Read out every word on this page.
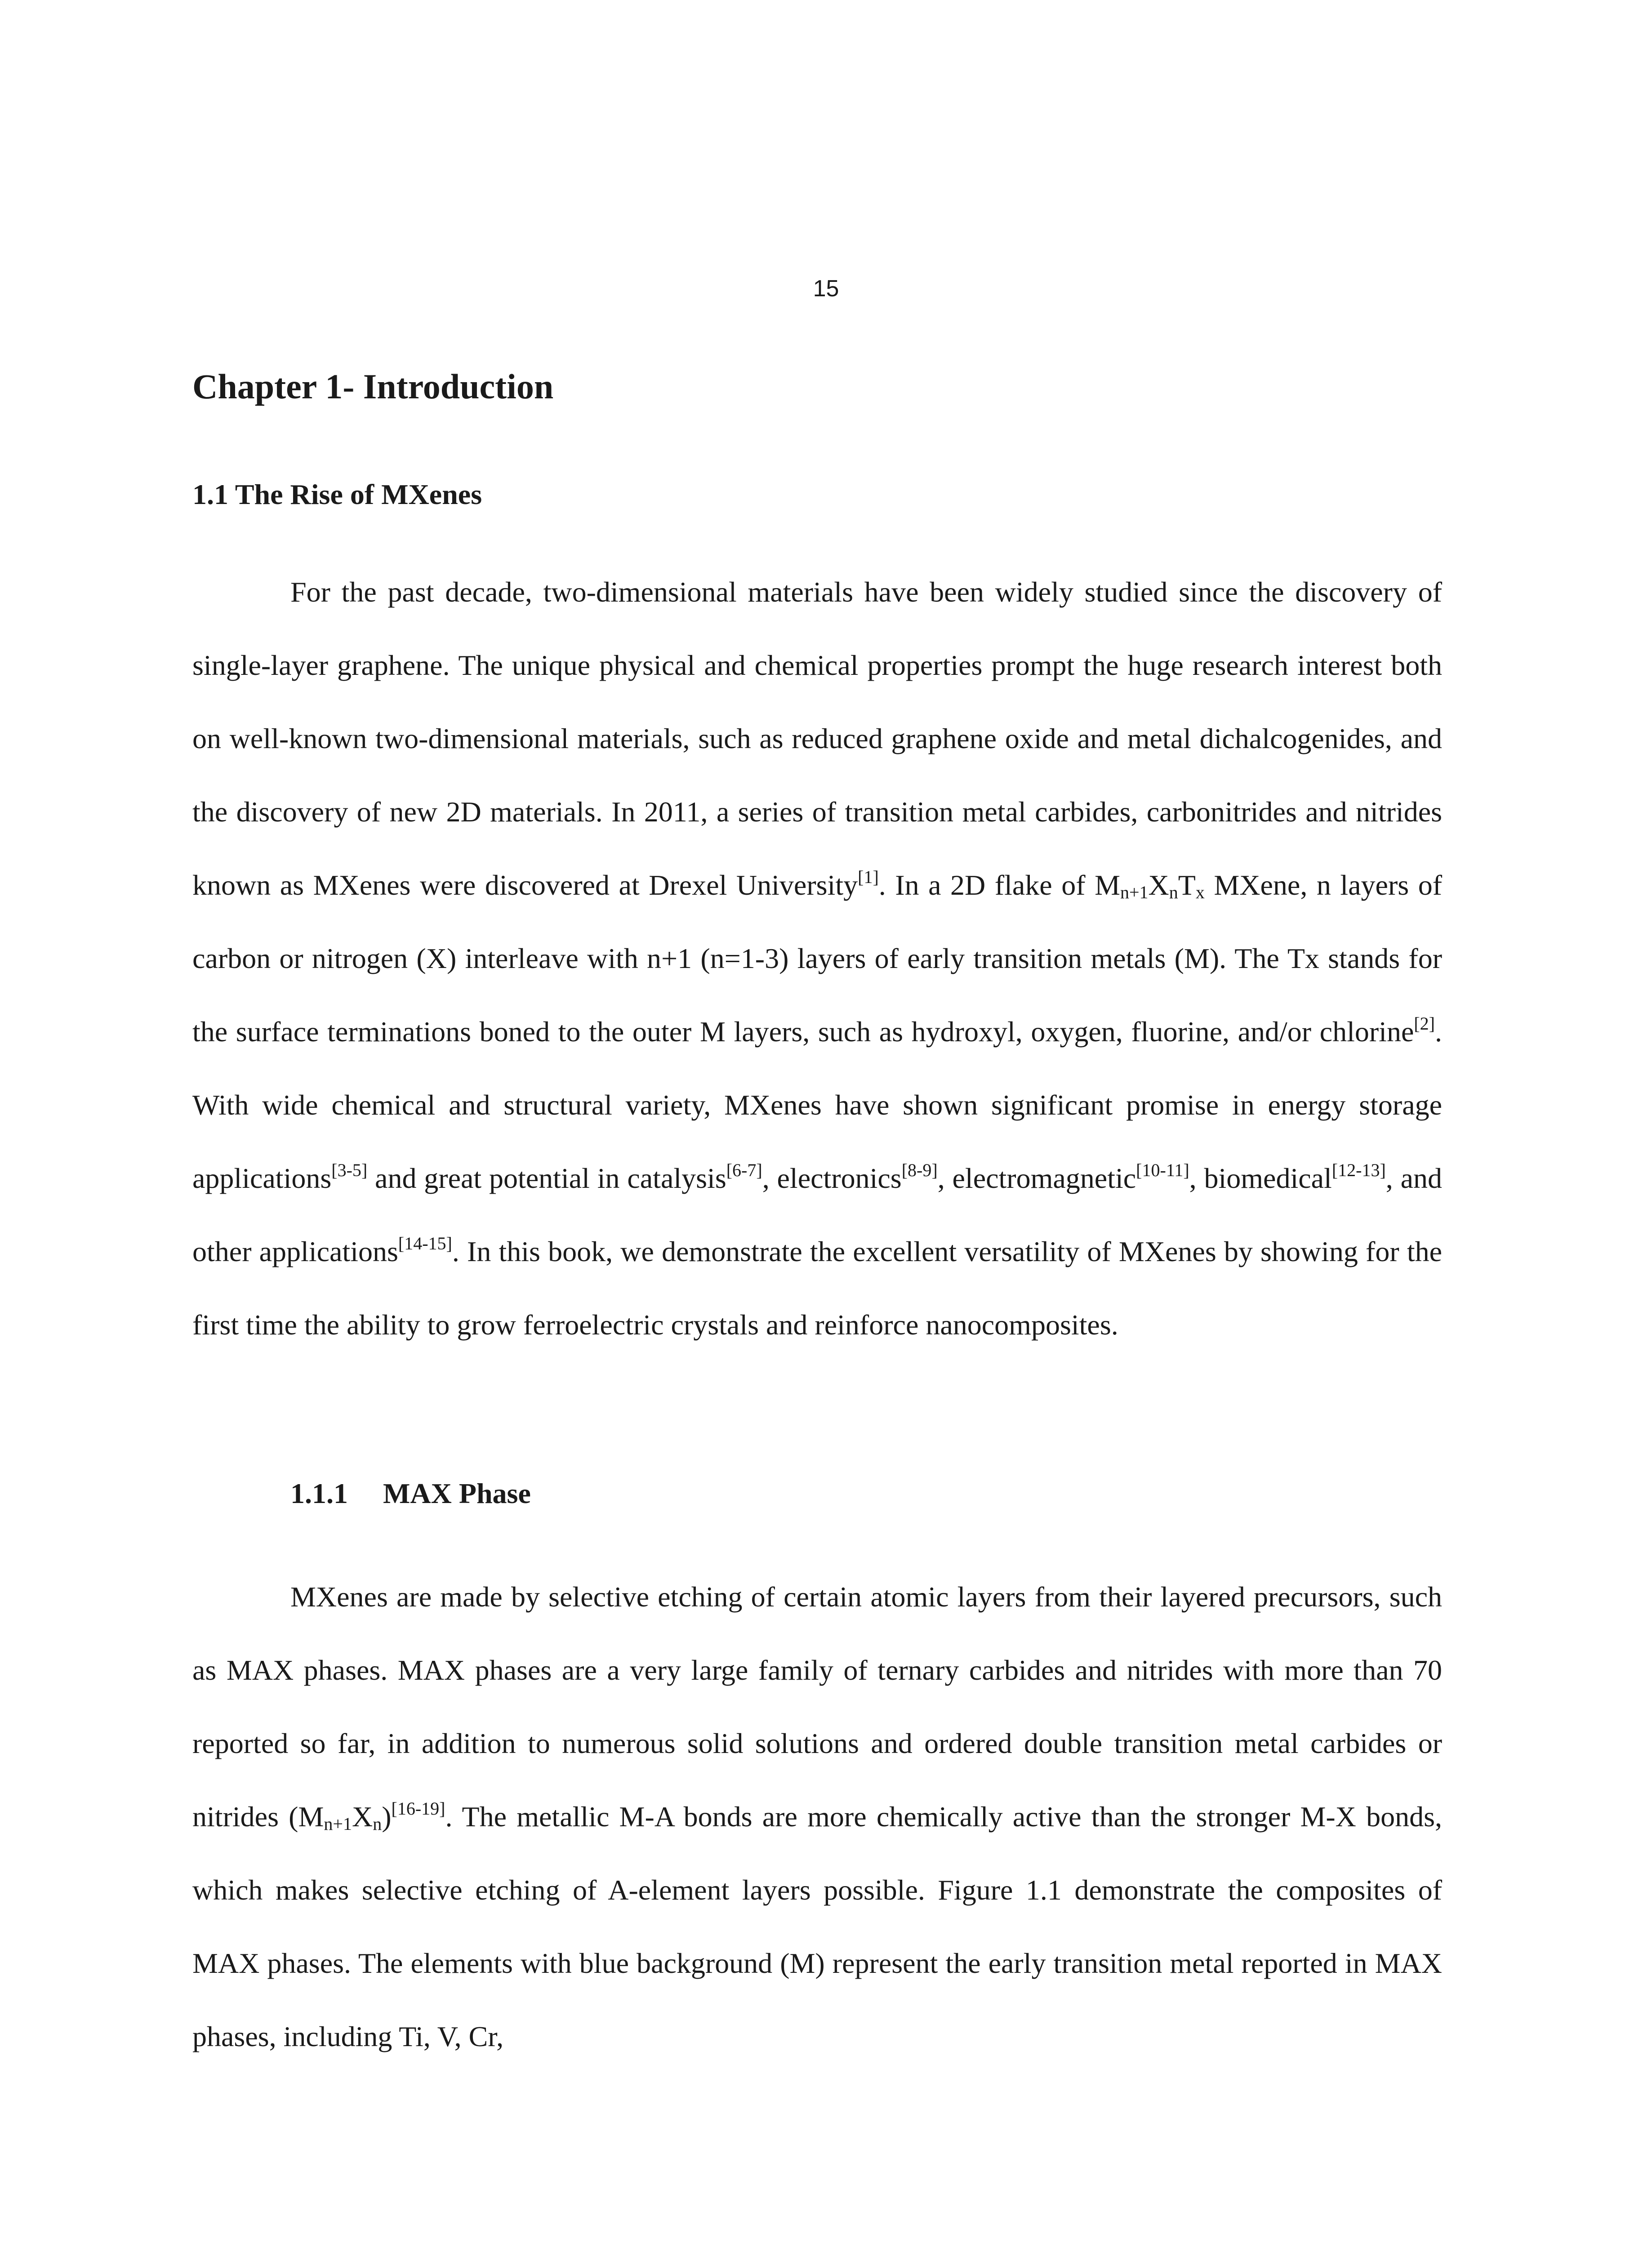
15
Chapter 1- Introduction
1.1 The Rise of MXenes

For the past decade, two-dimensional materials have been widely studied since the discovery of single-layer graphene. The unique physical and chemical properties prompt the huge research interest both on well-known two-dimensional materials, such as reduced graphene oxide and metal dichalcogenides, and the discovery of new 2D materials. In 2011, a series of transition metal carbides, carbonitrides and nitrides known as MXenes were discovered at Drexel University[1]. In a 2D flake of $M_{n+1}X_nT_x$ MXene, n layers of carbon or nitrogen (X) interleave with n+1 (n=1-3) layers of early transition metals (M). The Tx stands for the surface terminations boned to the outer M layers, such as hydroxyl, oxygen, fluorine, and/or chlorine[2]. With wide chemical and structural variety, MXenes have shown significant promise in energy storage applications[3-5] and great potential in catalysis[6-7], electronics[8-9], electromagnetic[10-11], biomedical[12-13], and other applications[14-15]. In this book, we demonstrate the excellent versatility of MXenes by showing for the first time the ability to grow ferroelectric crystals and reinforce nanocomposites.

1.1.1 MAX Phase

MXenes are made by selective etching of certain atomic layers from their layered precursors, such as MAX phases. MAX phases are a very large family of ternary carbides and nitrides with more than 70 reported so far, in addition to numerous solid solutions and ordered double transition metal carbides or nitrides $(M_{n+1}X_n)[16-19]$. The metallic M-A bonds are more chemically active than the stronger M-X bonds, which makes selective etching of A-element layers possible. Figure 1.1 demonstrate the composites of MAX phases. The elements with blue background (M) represent the early transition metal reported in MAX phases, including Ti, V, Cr,
